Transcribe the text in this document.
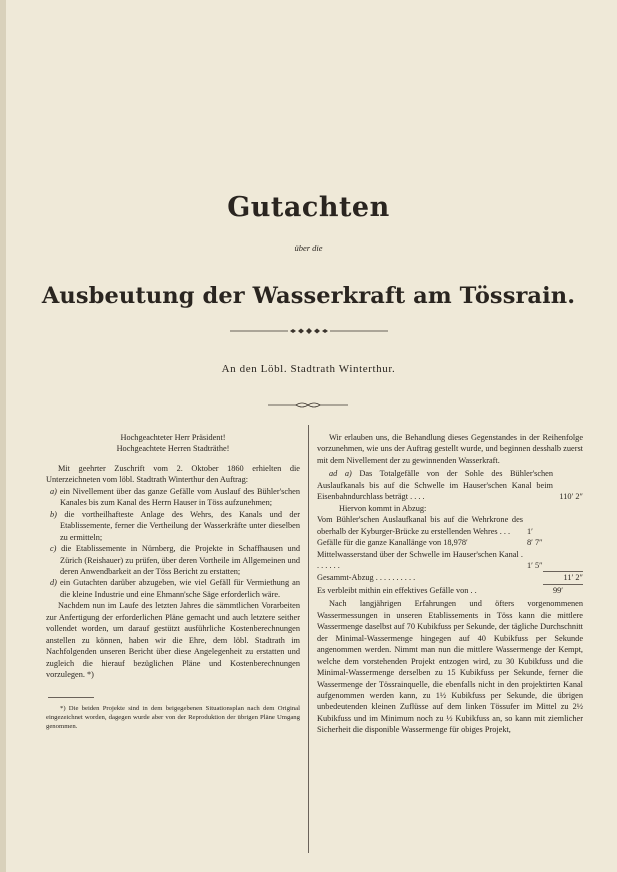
Gutachten
über die
Ausbeutung der Wasserkraft am Tössrain.
An den Löbl. Stadtrath Winterthur.

Hochgeachteter Herr Präsident!

Hochgeachtete Herren Stadträthe!

Mit geehrter Zuschrift vom 2. Oktober 1860 erhielten die Unterzeichneten vom löbl. Stadtrath Winterthur den Auftrag:

a) ein Nivellement über das ganze Gefälle vom Auslauf des Bühler'schen Kanales bis zum Kanal des Herrn Hauser in Töss aufzunehmen;

b) die vortheilhafteste Anlage des Wehrs, des Kanals und der Etablissemente, ferner die Vertheilung der Wasserkräfte unter dieselben zu ermitteln;

c) die Etablissemente in Nürnberg, die Projekte in Schaffhausen und Zürich (Reishauer) zu prüfen, über deren Vortheile im Allgemeinen und deren Anwendbarkeit an der Töss Bericht zu erstatten;

d) ein Gutachten darüber abzugeben, wie viel Gefäll für Vermiethung an die kleine Industrie und eine Ehmann'sche Säge erforderlich wäre.

Nachdem nun im Laufe des letzten Jahres die sämmtlichen Vorarbeiten zur Anfertigung der erforderlichen Pläne gemacht und auch letztere seither vollendet worden, um darauf gestützt ausführliche Kostenberechnungen anstellen zu können, haben wir die Ehre, dem löbl. Stadtrath im Nachfolgenden unseren Bericht über diese Angelegenheit zu erstatten und zugleich die hierauf bezüglichen Pläne und Kostenberechnungen vorzulegen. *)

*) Die beiden Projekte sind in dem beigegebenen Situationsplan nach dem Original eingezeichnet worden, dagegen wurde aber von der Reproduktion der übrigen Pläne Umgang genommen.

Wir erlauben uns, die Behandlung dieses Gegenstandes in der Reihenfolge vorzunehmen, wie uns der Auftrag gestellt wurde, und beginnen desshalb zuerst mit dem Nivellement der zu gewinnenden Wasserkraft.

ad a) Das Totalgefälle von der Sohle des Bühler'schen Auslaufkanals bis auf die Schwelle im Hauser'schen Kanal beim Eisenbahndurchlass beträgt . . . .	110′ 2″

Hiervon kommt in Abzug:

Vom Bühler'schen Auslaufkanal bis auf die Wehrkrone des oberhalb der Kyburger-Brücke zu erstellenden Wehres . . .	1′
Gefälle für die ganze Kanallänge von 18,978′	8′ 7″

Mittelwasserstand über der Schwelle im Hauser'schen Kanal . . . . . . .	1′ 5″
Gesammt-Abzug . . . . . . . . . .	11′ 2″
Es verbleibt mithin ein effektives Gefälle von . .	99′

Nach langjährigen Erfahrungen und öfters vorgenommenen Wassermessungen in unseren Etablissements in Töss kann die mittlere Wassermenge daselbst auf 70 Kubikfuss per Sekunde, der tägliche Durchschnitt der Minimal-Wassermenge hingegen auf 40 Kubikfuss per Sekunde angenommen werden. Nimmt man nun die mittlere Wassermenge der Kempt, welche dem vorstehenden Projekt entzogen wird, zu 30 Kubikfuss und die Minimal-Wassermenge derselben zu 15 Kubikfuss per Sekunde, ferner die Wassermenge der Tössrainquelle, die ebenfalls nicht in den projektirten Kanal aufgenommen werden kann, zu 1½ Kubikfuss per Sekunde, die übrigen unbedeutenden kleinen Zuflüsse auf dem linken Tössufer im Mittel zu 2½ Kubikfuss und im Minimum noch zu ½ Kubikfuss an, so kann mit ziemlicher Sicherheit die disponible Wassermenge für obiges Projekt,
